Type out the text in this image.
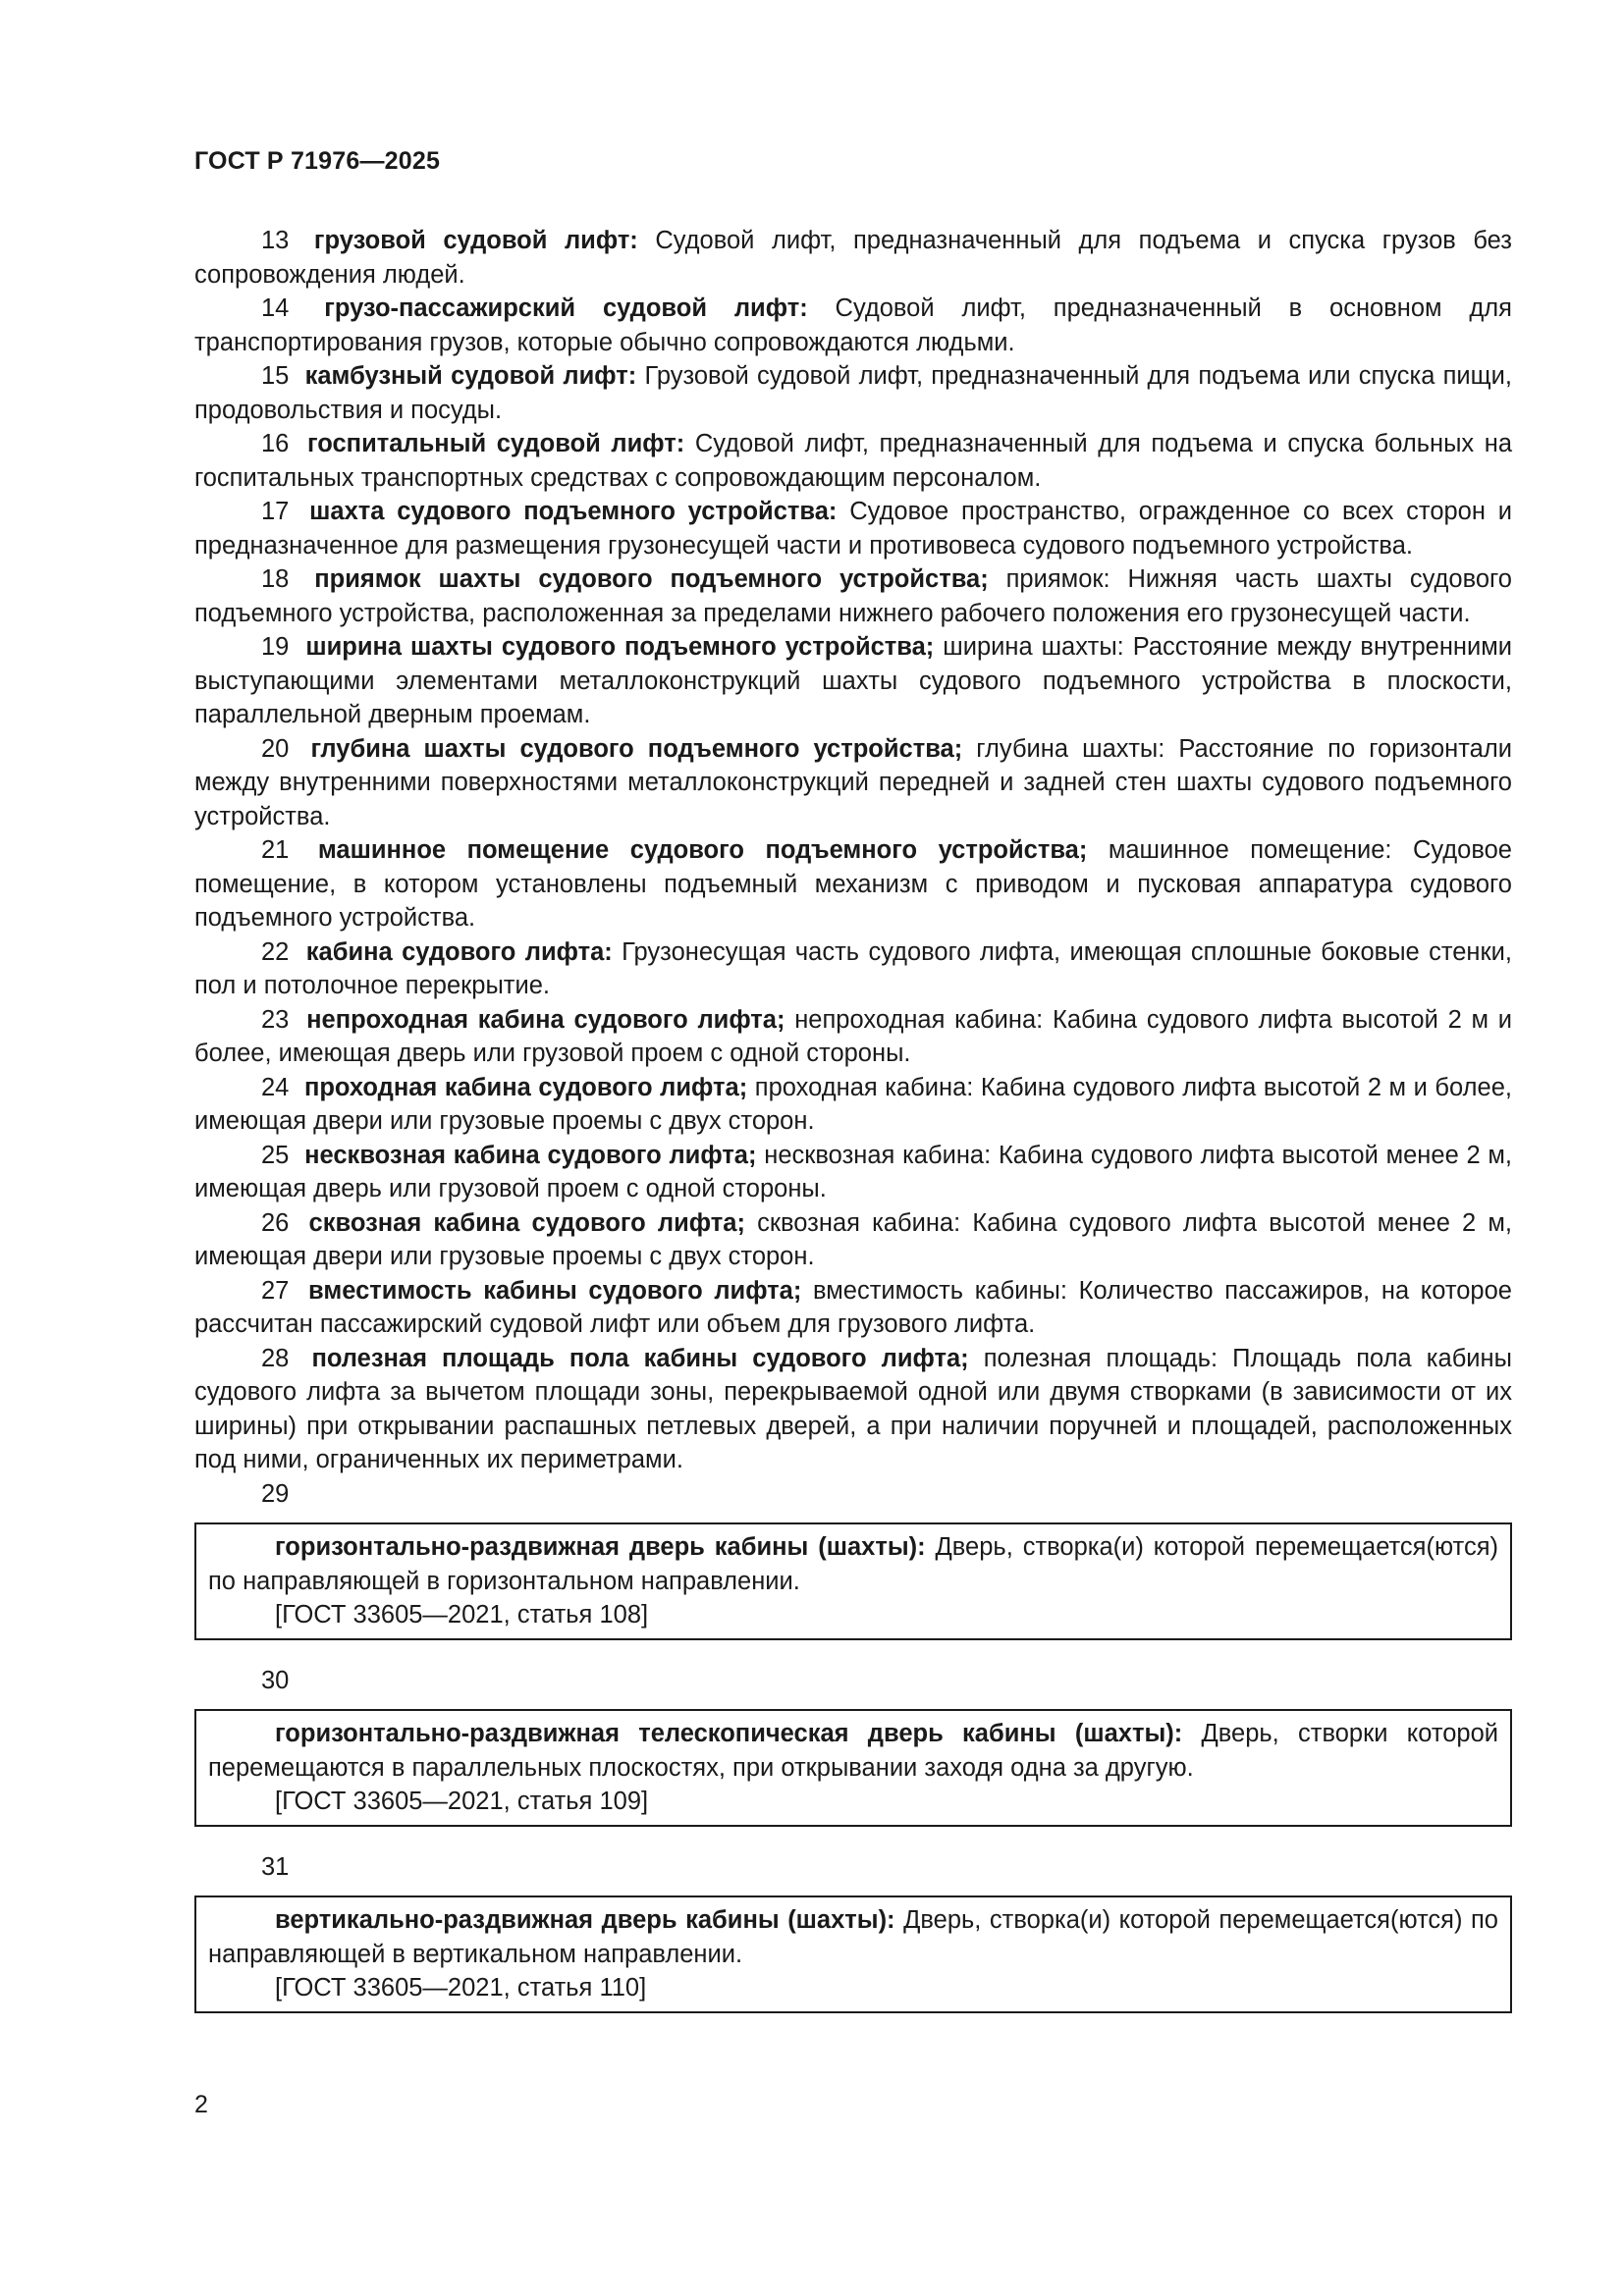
ГОСТ Р 71976—2025

13 грузовой судовой лифт: Судовой лифт, предназначенный для подъема и спуска грузов без сопровождения людей.

14 грузо-пассажирский судовой лифт: Судовой лифт, предназначенный в основном для транспортирования грузов, которые обычно сопровождаются людьми.

15 камбузный судовой лифт: Грузовой судовой лифт, предназначенный для подъема или спуска пищи, продовольствия и посуды.

16 госпитальный судовой лифт: Судовой лифт, предназначенный для подъема и спуска больных на госпитальных транспортных средствах с сопровождающим персоналом.

17 шахта судового подъемного устройства: Судовое пространство, огражденное со всех сторон и предназначенное для размещения грузонесущей части и противовеса судового подъемного устройства.

18 приямок шахты судового подъемного устройства; приямок: Нижняя часть шахты судового подъемного устройства, расположенная за пределами нижнего рабочего положения его грузонесущей части.

19 ширина шахты судового подъемного устройства; ширина шахты: Расстояние между внутренними выступающими элементами металлоконструкций шахты судового подъемного устройства в плоскости, параллельной дверным проемам.

20 глубина шахты судового подъемного устройства; глубина шахты: Расстояние по горизонтали между внутренними поверхностями металлоконструкций передней и задней стен шахты судового подъемного устройства.

21 машинное помещение судового подъемного устройства; машинное помещение: Судовое помещение, в котором установлены подъемный механизм с приводом и пусковая аппаратура судового подъемного устройства.

22 кабина судового лифта: Грузонесущая часть судового лифта, имеющая сплошные боковые стенки, пол и потолочное перекрытие.

23 непроходная кабина судового лифта; непроходная кабина: Кабина судового лифта высотой 2 м и более, имеющая дверь или грузовой проем с одной стороны.

24 проходная кабина судового лифта; проходная кабина: Кабина судового лифта высотой 2 м и более, имеющая двери или грузовые проемы с двух сторон.

25 несквозная кабина судового лифта; несквозная кабина: Кабина судового лифта высотой менее 2 м, имеющая дверь или грузовой проем с одной стороны.

26 сквозная кабина судового лифта; сквозная кабина: Кабина судового лифта высотой менее 2 м, имеющая двери или грузовые проемы с двух сторон.

27 вместимость кабины судового лифта; вместимость кабины: Количество пассажиров, на которое рассчитан пассажирский судовой лифт или объем для грузового лифта.

28 полезная площадь пола кабины судового лифта; полезная площадь: Площадь пола кабины судового лифта за вычетом площади зоны, перекрываемой одной или двумя створками (в зависимости от их ширины) при открывании распашных петлевых дверей, а при наличии поручней и площадей, расположенных под ними, ограниченных их периметрами.

29

горизонтально-раздвижная дверь кабины (шахты): Дверь, створка(и) которой перемещается(ются) по направляющей в горизонтальном направлении.

[ГОСТ 33605—2021, статья 108]

30

горизонтально-раздвижная телескопическая дверь кабины (шахты): Дверь, створки которой перемещаются в параллельных плоскостях, при открывании заходя одна за другую.

[ГОСТ 33605—2021, статья 109]

31

вертикально-раздвижная дверь кабины (шахты): Дверь, створка(и) которой перемещается(ются) по направляющей в вертикальном направлении.

[ГОСТ 33605—2021, статья 110]

2
